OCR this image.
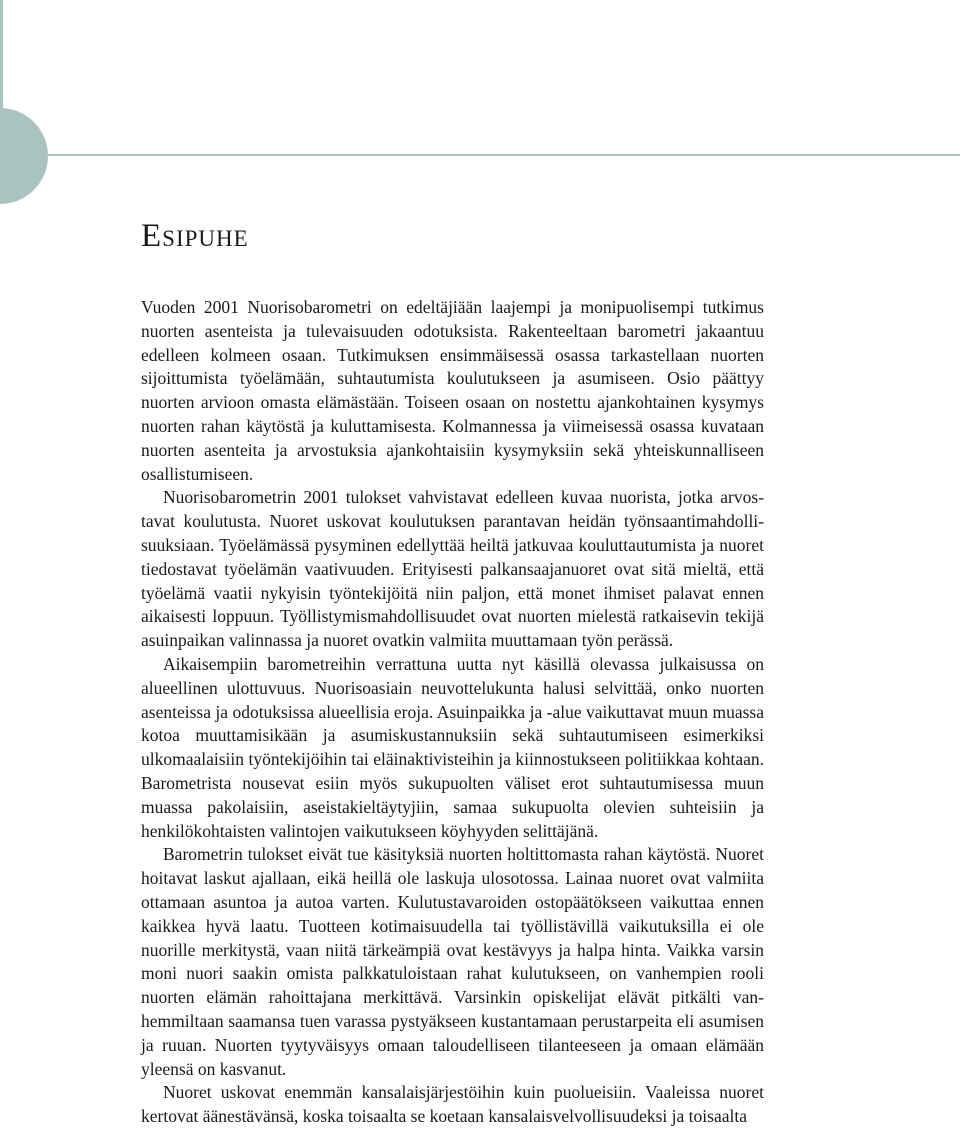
Esipuhe

Vuoden 2001 Nuorisobarometri on edeltäjiään laajempi ja monipuolisempi tutkimus nuorten asenteista ja tulevaisuuden odotuksista. Rakenteeltaan barometri jakaantuu edelleen kolmeen osaan. Tutkimuksen ensimmäisessä osassa tarkastellaan nuorten sijoittumista työelämään, suhtautumista koulutukseen ja asumiseen. Osio päättyy nuorten arvioon omasta elämästään. Toiseen osaan on nostettu ajankohtainen kysymys nuorten rahan käytöstä ja kuluttamisesta. Kolmannessa ja viimeisessä osassa kuvataan nuorten asenteita ja arvostuksia ajankohtaisiin kysymyksiin sekä yhteiskunnalliseen osallistumiseen.

Nuorisobarometrin 2001 tulokset vahvistavat edelleen kuvaa nuorista, jotka arvostavat koulutusta. Nuoret uskovat koulutuksen parantavan heidän työnsaantimahdollisuuksiaan. Työelämässä pysyminen edellyttää heiltä jatkuvaa kouluttautumista ja nuoret tiedostavat työelämän vaativuuden. Erityisesti palkansaajanuoret ovat sitä mieltä, että työelämä vaatii nykyisin työntekijöitä niin paljon, että monet ihmiset palavat ennen aikaisesti loppuun. Työllistymismahdollisuudet ovat nuorten mielestä ratkaisevin tekijä asuinpaikan valinnassa ja nuoret ovatkin valmiita muuttamaan työn perässä.

Aikaisempiin barometreihin verrattuna uutta nyt käsillä olevassa julkaisussa on alueellinen ulottuvuus. Nuorisoasiain neuvottelukunta halusi selvittää, onko nuorten asenteissa ja odotuksissa alueellisia eroja. Asuinpaikka ja -alue vaikuttavat muun muassa kotoa muuttamisikään ja asumiskustannuksiin sekä suhtautumiseen esimerkiksi ulkomaalaisiin työntekijöihin tai eläinaktivisteihin ja kiinnostukseen politiikkaa kohtaan. Barometrista nousevat esiin myös sukupuolten väliset erot suhtautumisessa muun muassa pakolaisiin, aseistakieltäytyjiin, samaa sukupuolta olevien suhteisiin ja henkilökohtaisten valintojen vaikutukseen köyhyyden selittäjänä.

Barometrin tulokset eivät tue käsityksiä nuorten holtittomasta rahan käytöstä. Nuoret hoitavat laskut ajallaan, eikä heillä ole laskuja ulosotossa. Lainaa nuoret ovat valmiita ottamaan asuntoa ja autoa varten. Kulutustavaroiden ostopäätökseen vaikuttaa ennen kaikkea hyvä laatu. Tuotteen kotimaisuudella tai työllistävillä vaikutuksilla ei ole nuorille merkitystä, vaan niitä tärkeämpiä ovat kestävyys ja halpa hinta. Vaikka varsin moni nuori saakin omista palkkatuloistaan rahat kulutukseen, on vanhempien rooli nuorten elämän rahoittajana merkittävä. Varsinkin opiskelijat elävät pitkälti vanhemmiltaan saamansa tuen varassa pystyäkseen kustantamaan perustarpeita eli asumisen ja ruuan. Nuorten tyytyväisyys omaan taloudelliseen tilanteeseen ja omaan elämään yleensä on kasvanut.

Nuoret uskovat enemmän kansalaisjärjestöihin kuin puolueisiin. Vaaleissa nuoret kertovat äänestävänsä, koska toisaalta se koetaan kansalaisvelvollisuudeksi ja toisaalta
